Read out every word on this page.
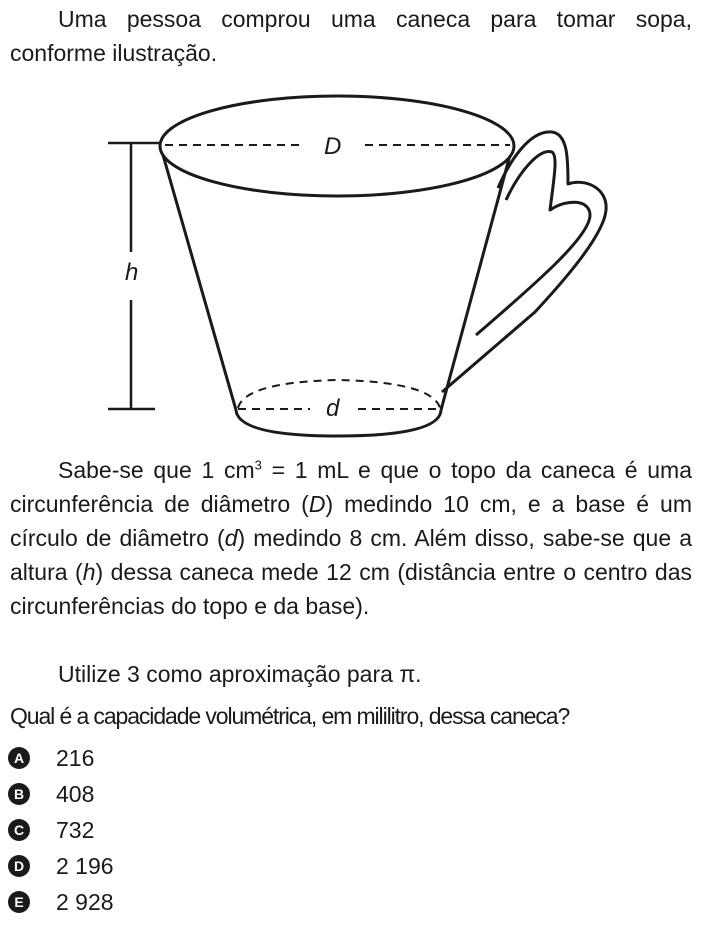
Uma pessoa comprou uma caneca para tomar sopa, conforme ilustração.
h
D
d
Sabe-se que 1 $cm^3 = 1$ mL e que o topo da caneca é uma circunferência de diâmetro (D) medindo 10 cm, e a base é um círculo de diâmetro (d) medindo 8 cm. Além disso, sabe-se que a altura (h) dessa caneca mede 12 cm (distância entre o centro das circunferências do topo e da base).
Utilize 3 como aproximação para π.
Qual é a capacidade volumétrica, em mililitro, dessa caneca?
A 216
B 408
C 732
D 2 196
E 2 928
